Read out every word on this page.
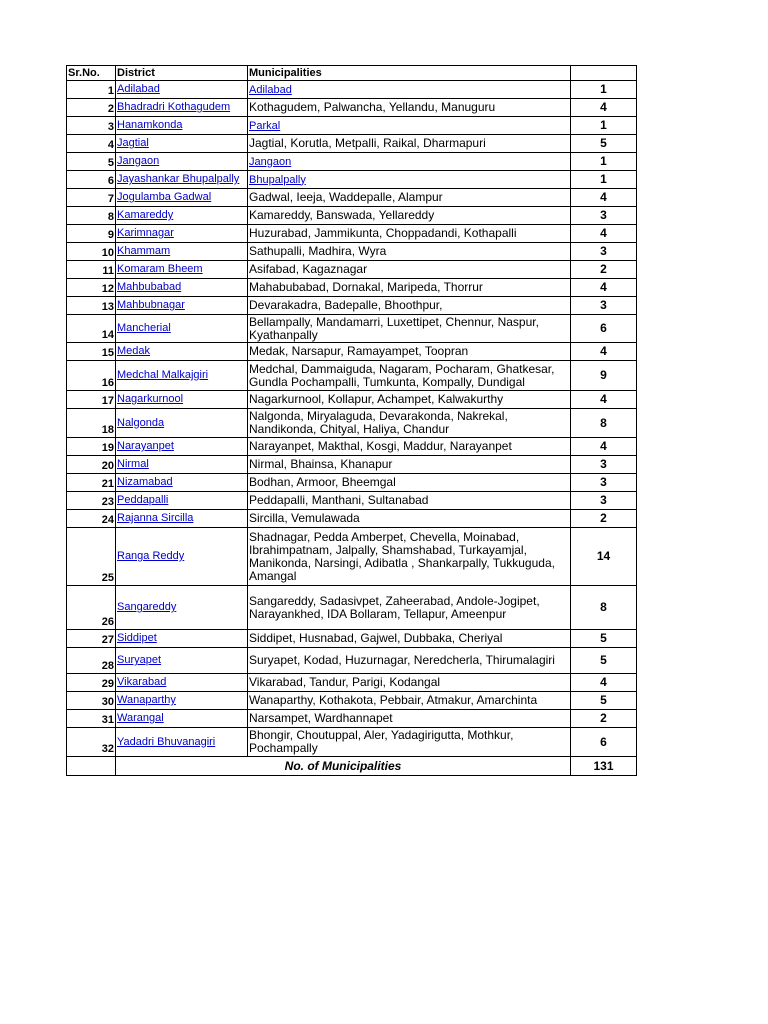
Sr.No.	District	Municipalities	
1	Adilabad	Adilabad	1
2	Bhadradri Kothagudem	Kothagudem, Palwancha, Yellandu, Manuguru	4
3	Hanamkonda	Parkal	1
4	Jagtial	Jagtial, Korutla, Metpalli, Raikal, Dharmapuri	5
5	Jangaon	Jangaon	1
6	Jayashankar Bhupalpally	Bhupalpally	1
7	Jogulamba Gadwal	Gadwal, Ieeja, Waddepalle, Alampur	4
8	Kamareddy	Kamareddy, Banswada, Yellareddy	3
9	Karimnagar	Huzurabad, Jammikunta, Choppadandi, Kothapalli	4
10	Khammam	Sathupalli, Madhira, Wyra	3
11	Komaram Bheem	Asifabad, Kagaznagar	2
12	Mahbubabad	Mahabubabad, Dornakal, Maripeda, Thorrur	4
13	Mahbubnagar	Devarakadra, Badepalle, Bhoothpur,	3
14	Mancherial	Bellampally, Mandamarri, Luxettipet, Chennur, Naspur, Kyathanpally	6
15	Medak	Medak, Narsapur, Ramayampet, Toopran	4
16	Medchal Malkajgiri	Medchal, Dammaiguda, Nagaram, Pocharam, Ghatkesar, Gundla Pochampalli, Tumkunta, Kompally, Dundigal	9
17	Nagarkurnool	Nagarkurnool, Kollapur, Achampet, Kalwakurthy	4
18	Nalgonda	Nalgonda, Miryalaguda, Devarakonda, Nakrekal, Nandikonda, Chityal, Haliya, Chandur	8
19	Narayanpet	Narayanpet, Makthal, Kosgi, Maddur, Narayanpet	4
20	Nirmal	Nirmal, Bhainsa, Khanapur	3
21	Nizamabad	Bodhan, Armoor, Bheemgal	3
23	Peddapalli	Peddapalli, Manthani, Sultanabad	3
24	Rajanna Sircilla	Sircilla, Vemulawada	2
25	Ranga Reddy	Shadnagar, Pedda Amberpet, Chevella, Moinabad, Ibrahimpatnam, Jalpally, Shamshabad, Turkayamjal, Manikonda, Narsingi, Adibatla , Shankarpally, Tukkuguda, Amangal	14
26	Sangareddy	Sangareddy, Sadasivpet, Zaheerabad, Andole-Jogipet, Narayankhed, IDA Bollaram, Tellapur, Ameenpur	8
27	Siddipet	Siddipet, Husnabad, Gajwel, Dubbaka, Cheriyal	5
28	Suryapet	Suryapet, Kodad, Huzurnagar, Neredcherla, Thirumalagiri	5
29	Vikarabad	Vikarabad, Tandur, Parigi, Kodangal	4
30	Wanaparthy	Wanaparthy, Kothakota, Pebbair, Atmakur, Amarchinta	5
31	Warangal	Narsampet, Wardhannapet	2
32	Yadadri Bhuvanagiri	Bhongir, Choutuppal, Aler, Yadagirigutta, Mothkur, Pochampally	6
	No. of Municipalities		131
